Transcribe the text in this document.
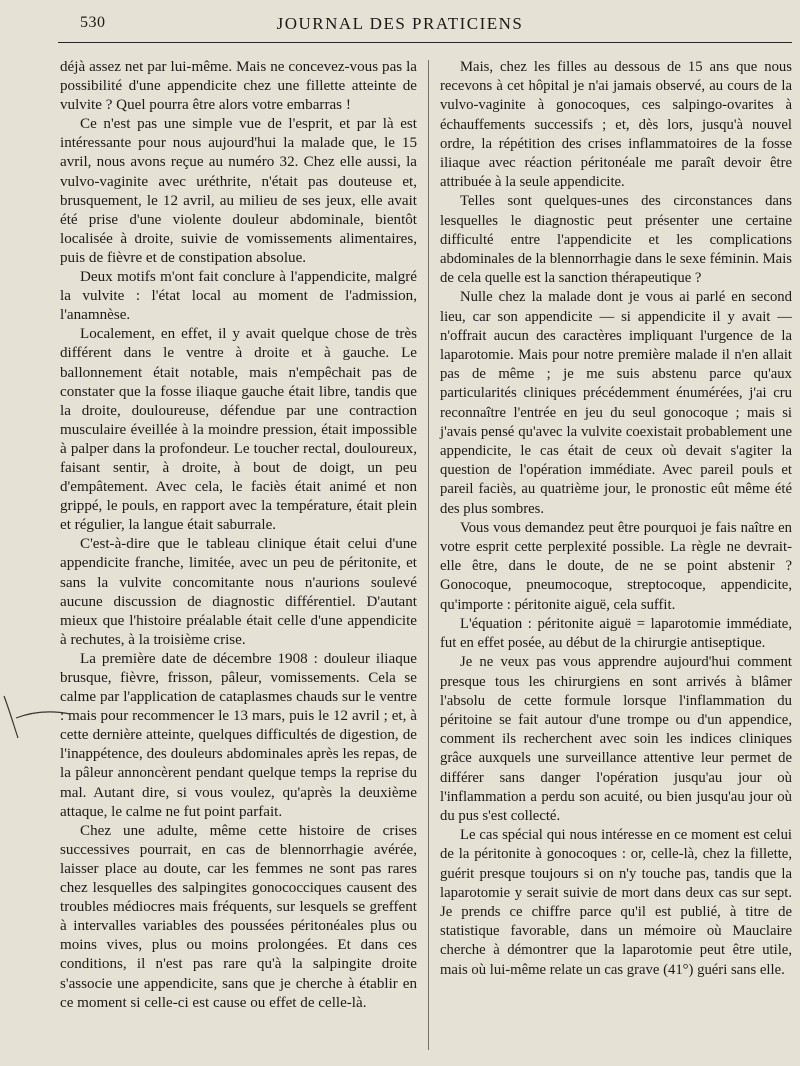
530	JOURNAL DES PRATICIENS

déjà assez net par lui-même. Mais ne concevez-vous pas la possibilité d'une appendicite chez une fillette atteinte de vulvite ? Quel pourra être alors votre embarras !

Ce n'est pas une simple vue de l'esprit, et par là est intéressante pour nous aujourd'hui la malade que, le 15 avril, nous avons reçue au numéro 32. Chez elle aussi, la vulvo-vaginite avec uréthrite, n'était pas douteuse et, brusquement, le 12 avril, au milieu de ses jeux, elle avait été prise d'une violente douleur abdominale, bientôt localisée à droite, suivie de vomissements alimentaires, puis de fièvre et de constipation absolue.

Deux motifs m'ont fait conclure à l'appendicite, malgré la vulvite : l'état local au moment de l'admission, l'anamnèse.

Localement, en effet, il y avait quelque chose de très différent dans le ventre à droite et à gauche. Le ballonnement était notable, mais n'empêchait pas de constater que la fosse iliaque gauche était libre, tandis que la droite, douloureuse, défendue par une contraction musculaire éveillée à la moindre pression, était impossible à palper dans la profondeur. Le toucher rectal, douloureux, faisant sentir, à droite, à bout de doigt, un peu d'empâtement. Avec cela, le faciès était animé et non grippé, le pouls, en rapport avec la température, était plein et régulier, la langue était saburrale.

C'est-à-dire que le tableau clinique était celui d'une appendicite franche, limitée, avec un peu de péritonite, et sans la vulvite concomitante nous n'aurions soulevé aucune discussion de diagnostic différentiel. D'autant mieux que l'histoire préalable était celle d'une appendicite à rechutes, à la troisième crise.

La première date de décembre 1908 : douleur iliaque brusque, fièvre, frisson, pâleur, vomissements. Cela se calme par l'application de cataplasmes chauds sur le ventre : mais pour recommencer le 13 mars, puis le 12 avril ; et, à cette dernière atteinte, quelques difficultés de digestion, de l'inappétence, des douleurs abdominales après les repas, de la pâleur annoncèrent pendant quelque temps la reprise du mal. Autant dire, si vous voulez, qu'après la deuxième attaque, le calme ne fut point parfait.

Chez une adulte, même cette histoire de crises successives pourrait, en cas de blennorrhagie avérée, laisser place au doute, car les femmes ne sont pas rares chez lesquelles des salpingites gonococciques causent des troubles médiocres mais fréquents, sur lesquels se greffent à intervalles variables des poussées péritonéales plus ou moins vives, plus ou moins prolongées. Et dans ces conditions, il n'est pas rare qu'à la salpingite droite s'associe une appendicite, sans que je cherche à établir en ce moment si celle-ci est cause ou effet de celle-là.

Mais, chez les filles au dessous de 15 ans que nous recevons à cet hôpital je n'ai jamais observé, au cours de la vulvo-vaginite à gonocoques, ces salpingo-ovarites à échauffements successifs ; et, dès lors, jusqu'à nouvel ordre, la répétition des crises inflammatoires de la fosse iliaque avec réaction péritonéale me paraît devoir être attribuée à la seule appendicite.

Telles sont quelques-unes des circonstances dans lesquelles le diagnostic peut présenter une certaine difficulté entre l'appendicite et les complications abdominales de la blennorrhagie dans le sexe féminin. Mais de cela quelle est la sanction thérapeutique ?

Nulle chez la malade dont je vous ai parlé en second lieu, car son appendicite — si appendicite il y avait — n'offrait aucun des caractères impliquant l'urgence de la laparotomie. Mais pour notre première malade il n'en allait pas de même ; je me suis abstenu parce qu'aux particularités cliniques précédemment énumérées, j'ai cru reconnaître l'entrée en jeu du seul gonocoque ; mais si j'avais pensé qu'avec la vulvite coexistait probablement une appendicite, le cas était de ceux où devait s'agiter la question de l'opération immédiate. Avec pareil pouls et pareil faciès, au quatrième jour, le pronostic eût même été des plus sombres.

Vous vous demandez peut être pourquoi je fais naître en votre esprit cette perplexité possible. La règle ne devrait-elle être, dans le doute, de ne se point abstenir ? Gonocoque, pneumocoque, streptocoque, appendicite, qu'importe : péritonite aiguë, cela suffit.

L'équation : péritonite aiguë = laparotomie immédiate, fut en effet posée, au début de la chirurgie antiseptique.

Je ne veux pas vous apprendre aujourd'hui comment presque tous les chirurgiens en sont arrivés à blâmer l'absolu de cette formule lorsque l'inflammation du péritoine se fait autour d'une trompe ou d'un appendice, comment ils recherchent avec soin les indices cliniques grâce auxquels une surveillance attentive leur permet de différer sans danger l'opération jusqu'au jour où l'inflammation a perdu son acuité, ou bien jusqu'au jour où du pus s'est collecté.

Le cas spécial qui nous intéresse en ce moment est celui de la péritonite à gonocoques : or, celle-là, chez la fillette, guérit presque toujours si on n'y touche pas, tandis que la laparotomie y serait suivie de mort dans deux cas sur sept. Je prends ce chiffre parce qu'il est publié, à titre de statistique favorable, dans un mémoire où Mauclaire cherche à démontrer que la laparotomie peut être utile, mais où lui-même relate un cas grave (41°) guéri sans elle.
